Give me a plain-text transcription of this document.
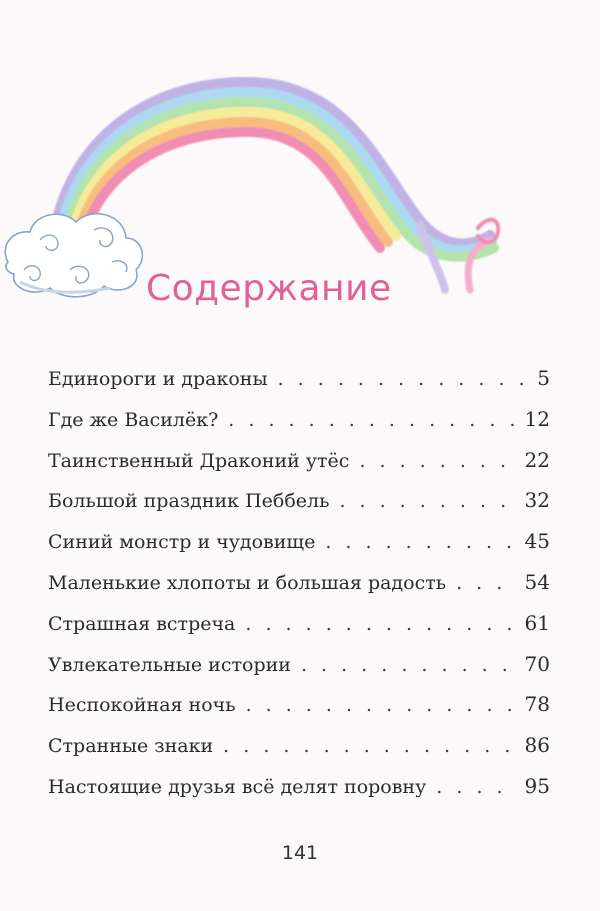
Содержание
Единороги и драконы . . .	5
Где же Василёк? . . .	12
Таинственный Драконий утёс . . .	22
Большой праздник Пеббель . . .	32
Синий монстр и чудовище . . .	45
Маленькие хлопоты и большая радость . . .	54
Страшная встреча . . .	61
Увлекательные истории . . .	70
Неспокойная ночь . . .	78
Странные знаки . . .	86
Настоящие друзья всё делят поровну . . .	95
141
